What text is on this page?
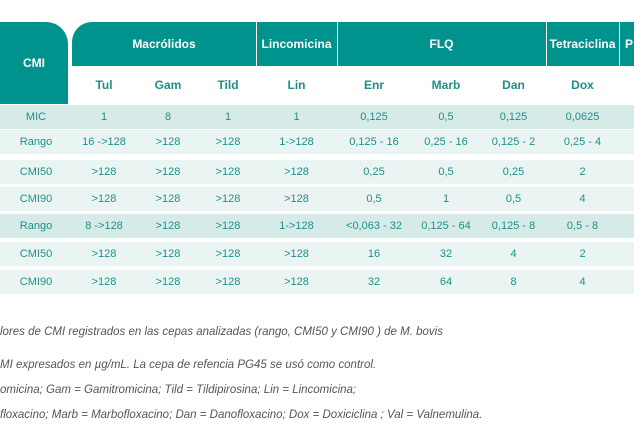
CMI
Macrólidos	Lincomicina	FLQ	Tetraciclina P
Tul	Gam	Tild	Lin	Enr	Marb	Dan	Dox
MIC	1	8	1	1	0,125	0,5	0,125	0,0625
Rango	16 ->128	>128	>128	1->128	0,125 - 16	0,25 - 16	0,125 - 2	0,25 - 4
CMI50	>128	>128	>128	>128	0,25	0,5	0,25	2
CMI90	>128	>128	>128	>128	0,5	1	0,5	4
Rango	8 ->128	>128	>128	1->128	<0,063 - 32	0,125 - 64	0,125 - 8	0,5 - 8
CMI50	>128	>128	>128	>128	16	32	4	2
CMI90	>128	>128	>128	>128	32	64	8	4
lores de CMI registrados en las cepas analizadas (rango, CMI50 y CMI90 ) de M. bovis
MI expresados en µg/mL. La cepa de refencia PG45 se usó como control.
omicina; Gam = Gamitromicina; Tild = Tildipirosina; Lin = Lincomicina;
floxacino; Marb = Marbofloxacino; Dan = Danofloxacino; Dox = Doxiciclina ; Val = Valnemulina.
